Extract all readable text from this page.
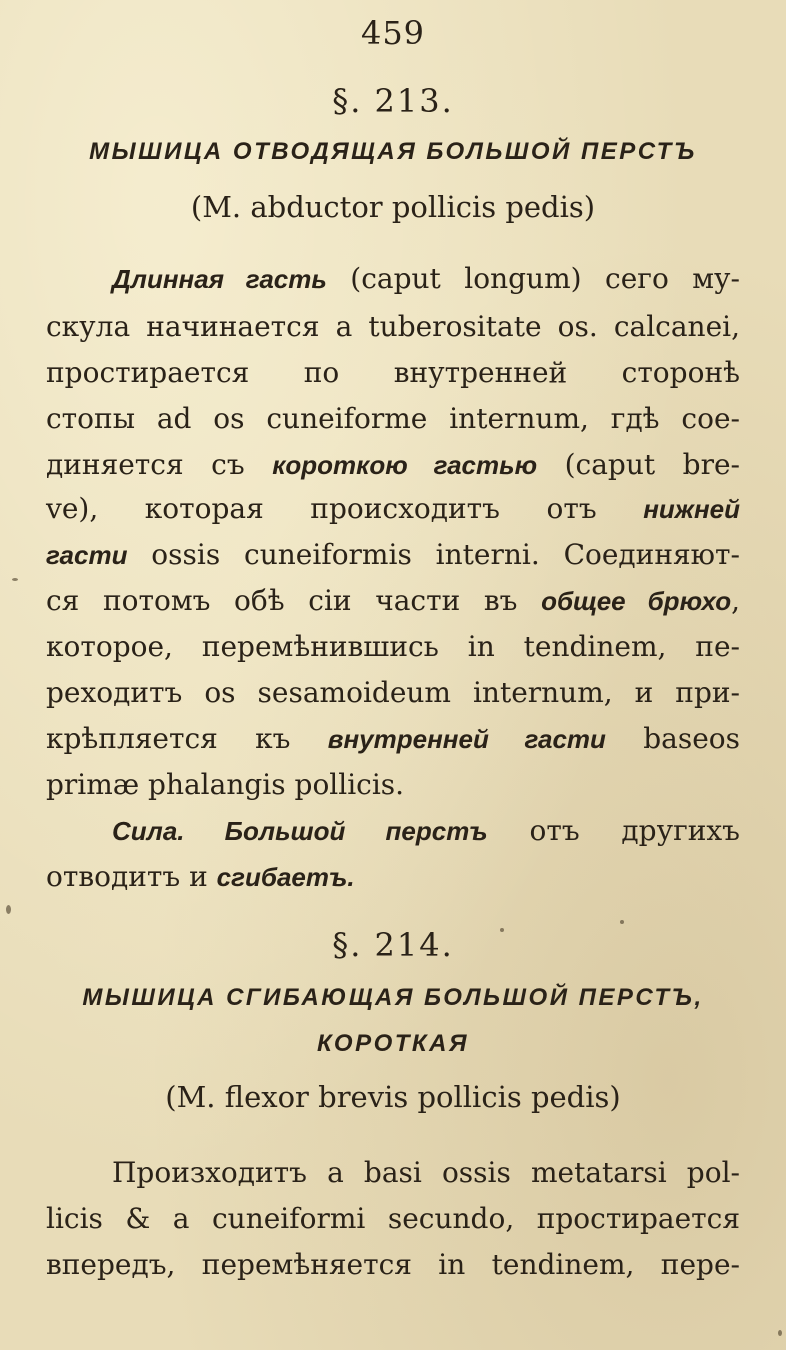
459
§. 213.
МЫШИЦА ОТВОДЯЩАЯ БОЛЬШОЙ ПЕРСТЪ
(M. abductor pollicis pedis)
Длинная гасть (caput longum) сего му-
скула начинается а tuberositate os. calcanei,
простирается по внутренней сторонѣ
стопы ad os cuneiforme internum, гдѣ сое-
диняется съ короткою гастью (caput bre-
ve), которая происходитъ отъ нижней
гасти ossis cuneiformis interni. Соединяют-
ся потомъ обѣ сіи части въ общее брюхо,
которое, перемѣнившись in tendinem, пе-
реходитъ os sesamoideum internum, и при-
крѣпляется къ внутренней гасти baseos
primæ phalangis pollicis.
Сила. Большой перстъ отъ другихъ
отводитъ и сгибаетъ.
§. 214.
МЫШИЦА СГИБАЮЩАЯ БОЛЬШОЙ ПЕРСТЪ,
КОРОТКАЯ
(M. flexor brevis pollicis pedis)
Произходитъ а basi ossis metatarsi pol-
licis & a cuneiformi secundo, простирается
впередъ, перемѣняется in tendinem, пере-
